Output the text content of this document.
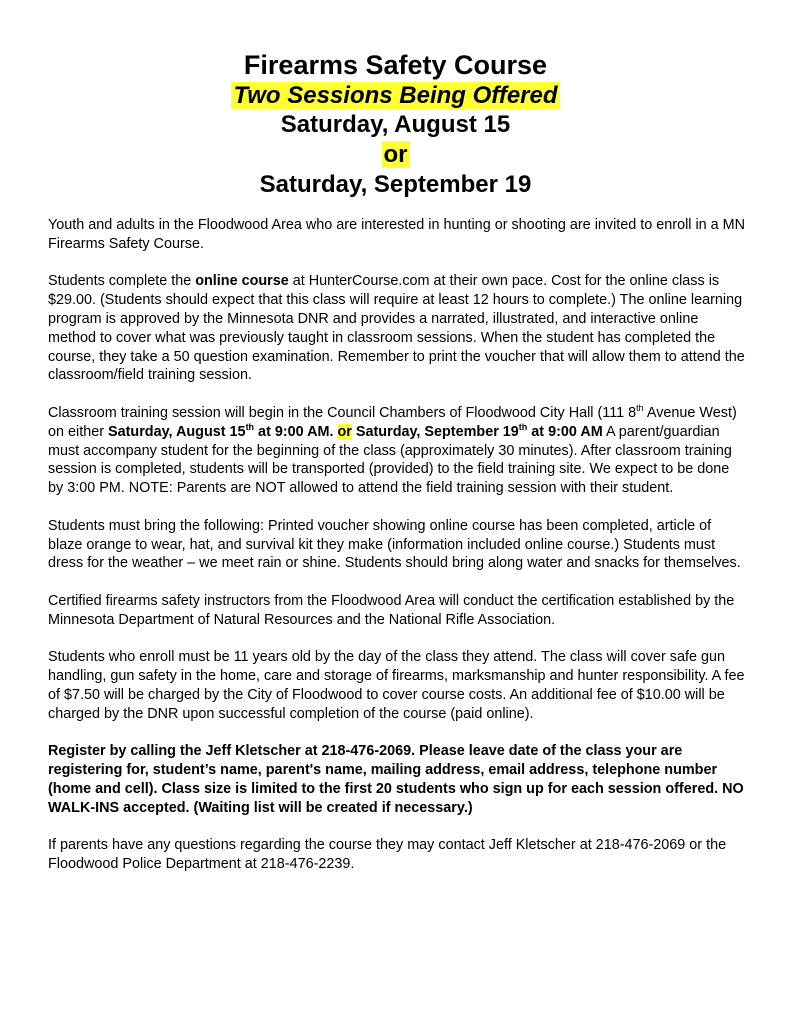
Firearms Safety Course
Two Sessions Being Offered
Saturday, August 15
or
Saturday, September 19

Youth and adults in the Floodwood Area who are interested in hunting or shooting are invited to enroll in a MN Firearms Safety Course.

Students complete the online course at HunterCourse.com at their own pace. Cost for the online class is $29.00. (Students should expect that this class will require at least 12 hours to complete.) The online learning program is approved by the Minnesota DNR and provides a narrated, illustrated, and interactive online method to cover what was previously taught in classroom sessions. When the student has completed the course, they take a 50 question examination. Remember to print the voucher that will allow them to attend the classroom/field training session.

Classroom training session will begin in the Council Chambers of Floodwood City Hall (111 8th Avenue West) on either Saturday, August 15th at 9:00 AM. or Saturday, September 19th at 9:00 AM A parent/guardian must accompany student for the beginning of the class (approximately 30 minutes). After classroom training session is completed, students will be transported (provided) to the field training site. We expect to be done by 3:00 PM. NOTE: Parents are NOT allowed to attend the field training session with their student.

Students must bring the following: Printed voucher showing online course has been completed, article of blaze orange to wear, hat, and survival kit they make (information included online course.) Students must dress for the weather – we meet rain or shine. Students should bring along water and snacks for themselves.

Certified firearms safety instructors from the Floodwood Area will conduct the certification established by the Minnesota Department of Natural Resources and the National Rifle Association.

Students who enroll must be 11 years old by the day of the class they attend. The class will cover safe gun handling, gun safety in the home, care and storage of firearms, marksmanship and hunter responsibility. A fee of $7.50 will be charged by the City of Floodwood to cover course costs. An additional fee of $10.00 will be charged by the DNR upon successful completion of the course (paid online).

Register by calling the Jeff Kletscher at 218-476-2069. Please leave date of the class your are registering for, student’s name, parent's name, mailing address, email address, telephone number (home and cell). Class size is limited to the first 20 students who sign up for each session offered. NO WALK-INS accepted. (Waiting list will be created if necessary.)

If parents have any questions regarding the course they may contact Jeff Kletscher at 218-476-2069 or the Floodwood Police Department at 218-476-2239.
